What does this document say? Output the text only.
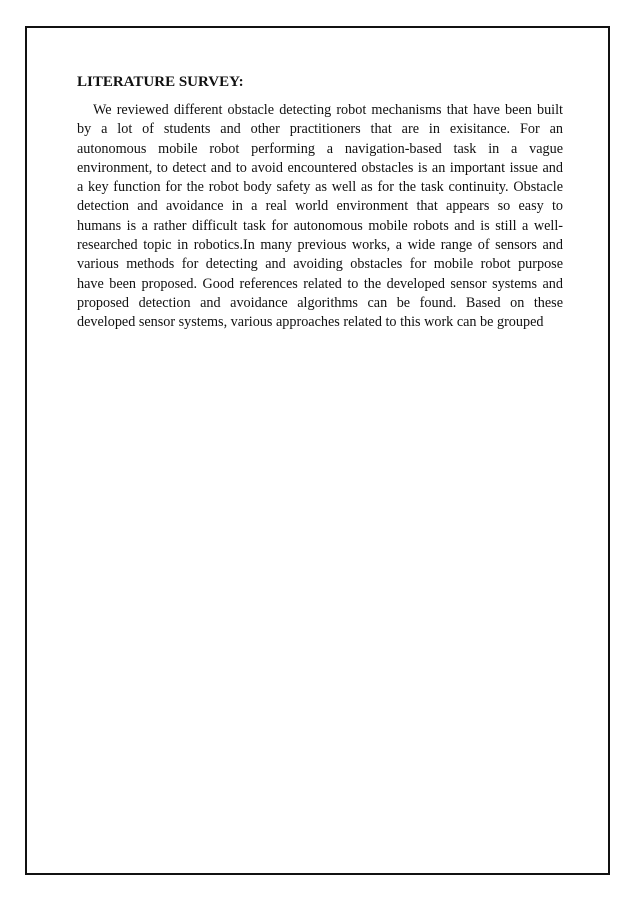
LITERATURE SURVEY:
We reviewed different obstacle detecting robot mechanisms that have been built
by a lot of students and other practitioners that are in exisitance. For an
autonomous mobile robot performing a navigation-based task in a vague
environment, to detect and to avoid encountered obstacles is an important issue and
a key function for the robot body safety as well as for the task continuity. Obstacle
detection and avoidance in a real world environment that appears so easy to
humans is a rather difficult task for autonomous mobile robots and is still a well-
researched topic in robotics.In many previous works, a wide range of sensors and
various methods for detecting and avoiding obstacles for mobile robot purpose
have been proposed. Good references related to the developed sensor systems and
proposed detection and avoidance algorithms can be found. Based on these
developed sensor systems, various approaches related to this work can be grouped
